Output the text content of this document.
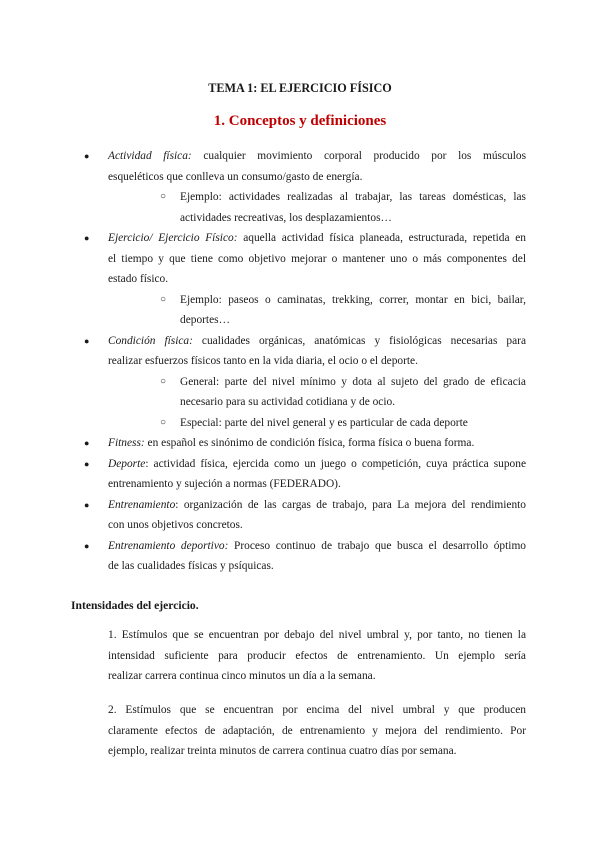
TEMA 1: EL EJERCICIO FÍSICO
1. Conceptos y definiciones
● Actividad física: cualquier movimiento corporal producido por los músculos
esqueléticos que conlleva un consumo/gasto de energía.
○ Ejemplo: actividades realizadas al trabajar, las tareas domésticas, las
actividades recreativas, los desplazamientos…
● Ejercicio/ Ejercicio Físico: aquella actividad física planeada, estructurada, repetida en
el tiempo y que tiene como objetivo mejorar o mantener uno o más componentes del
estado físico.
○ Ejemplo: paseos o caminatas, trekking, correr, montar en bici, bailar,
deportes…
● Condición física: cualidades orgánicas, anatómicas y fisiológicas necesarias para
realizar esfuerzos físicos tanto en la vida diaria, el ocio o el deporte.
○ General: parte del nivel mínimo y dota al sujeto del grado de eficacia
necesario para su actividad cotidiana y de ocio.
○ Especial: parte del nivel general y es particular de cada deporte
● Fitness: en español es sinónimo de condición física, forma física o buena forma.
● Deporte: actividad física, ejercida como un juego o competición, cuya práctica supone
entrenamiento y sujeción a normas (FEDERADO).
● Entrenamiento: organización de las cargas de trabajo, para La mejora del rendimiento
con unos objetivos concretos.
● Entrenamiento deportivo: Proceso continuo de trabajo que busca el desarrollo óptimo
de las cualidades físicas y psíquicas.
Intensidades del ejercicio.
1. Estímulos que se encuentran por debajo del nivel umbral y, por tanto, no tienen la
intensidad suficiente para producir efectos de entrenamiento. Un ejemplo sería
realizar carrera continua cinco minutos un día a la semana.
2. Estímulos que se encuentran por encima del nivel umbral y que producen
claramente efectos de adaptación, de entrenamiento y mejora del rendimiento. Por
ejemplo, realizar treinta minutos de carrera continua cuatro días por semana.
